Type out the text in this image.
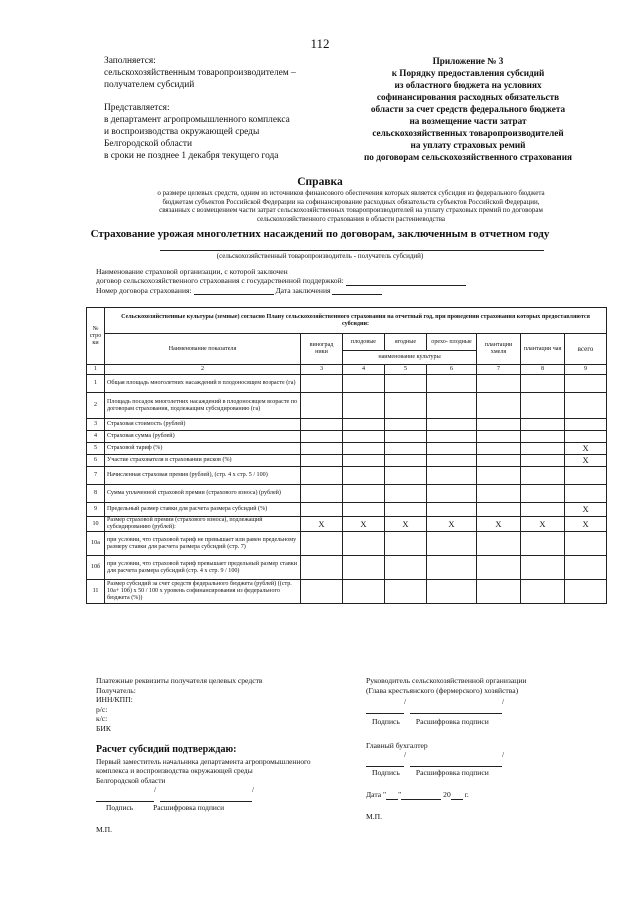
112
Заполняется:
сельскохозяйственным товаропроизводителем –
получателем субсидий
Представляется:
в департамент агропромышленного комплекса
и воспроизводства окружающей среды
Белгородской области
в сроки не позднее 1 декабря текущего года
Приложение № 3
к Порядку предоставления субсидий
из областного бюджета на условиях
софинансирования расходных обязательств
области за счет средств федерального бюджета
на возмещение части затрат
сельскохозяйственных товаропроизводителей
на уплату страховых ремий
по договорам сельскохозяйственного страхования
Справка
о размере целевых средств, одним из источников финансового обеспечения которых является субсидия из федерального бюджета
бюджетам субъектов Российской Федерации на софинансирование расходных обязательств субъектов Российской Федерации,
связанных с возмещением части затрат сельскохозяйственных товаропроизводителей на уплату страховых премий по договорам
сельскохозяйственного страхования в области растениеводства
Страхование урожая многолетних насаждений по договорам, заключенным в отчетном году
(сельскохозяйственный товаропроизводитель - получатель субсидий)
Наименование страховой организации, с которой заключен
договор сельскохозяйственного страхования с государственной поддержкой:
Номер договора страхования:	Дата заключения
№ стро ки	Сельскохозяйственные культуры (земные) согласно Плану сельскохозяйственного страхования на отчетный год, при проведении страхования которых предоставляются субсидии:							
	Наименование показателя	виноград ники	плодовые	ягодные	орехо- плодные	плантации хмеля	плантации чая	всего
			наименование культуры					
1	2	3	4	5	6	7	8	9
1	Общая площадь многолетних насаждений в плодоносящем возрасте (га)							
2	Площадь посадок многолетних насаждений в плодоносящем возрасте по договорам страхования, подлежащим субсидированию (га)							
3	Страховая стоимость (рублей)							
4	Страховая сумма (рублей)							
5	Страховой тариф (%)							X
6	Участие страхователя в страховании рисков (%)							X
7	Начисленная страховая премия (рублей), (стр. 4 х стр. 5 / 100)							
8	Сумма уплаченной страховой премии (страхового взноса) (рублей)							
9	Предельный размер ставки для расчета размера субсидий (%)							X
10	Размер страховой премии (страхового взноса), подлежащий субсидированию (рублей):	X	X	X	X	X	X	X
10а	при условии, что страховой тариф не превышает или равен предельному размеру ставки для расчета размера субсидий (стр. 7)							
10б	при условии, что страховой тариф превышает предельный размер ставки для расчета размера субсидий (стр. 4 х стр. 9 / 100)							
11	Размер субсидий за счет средств федерального бюджета (рублей) ((стр. 10а+ 10б) х 50 / 100 х уровень софинансирования из федерального бюджета (%))							
Платежные реквизиты получателя целевых средств
Получатель:
ИНН/КПП:
р/с:
к/с:
БИК
Руководитель сельскохозяйственной организации
(Глава крестьянского (фермерского) хозяйства)
/	/
Подпись Расшифровка подписи
Главный бухгалтер
/	/
Подпись Расшифровка подписи
Дата " "	20 г.
М.П.
Расчет субсидий подтверждаю:
Первый заместитель начальника департамента агропромышленного
комплекса и воспроизводства окружающей среды
Белгородской области
/	/
Подпись	Расшифровка подписи
М.П.
